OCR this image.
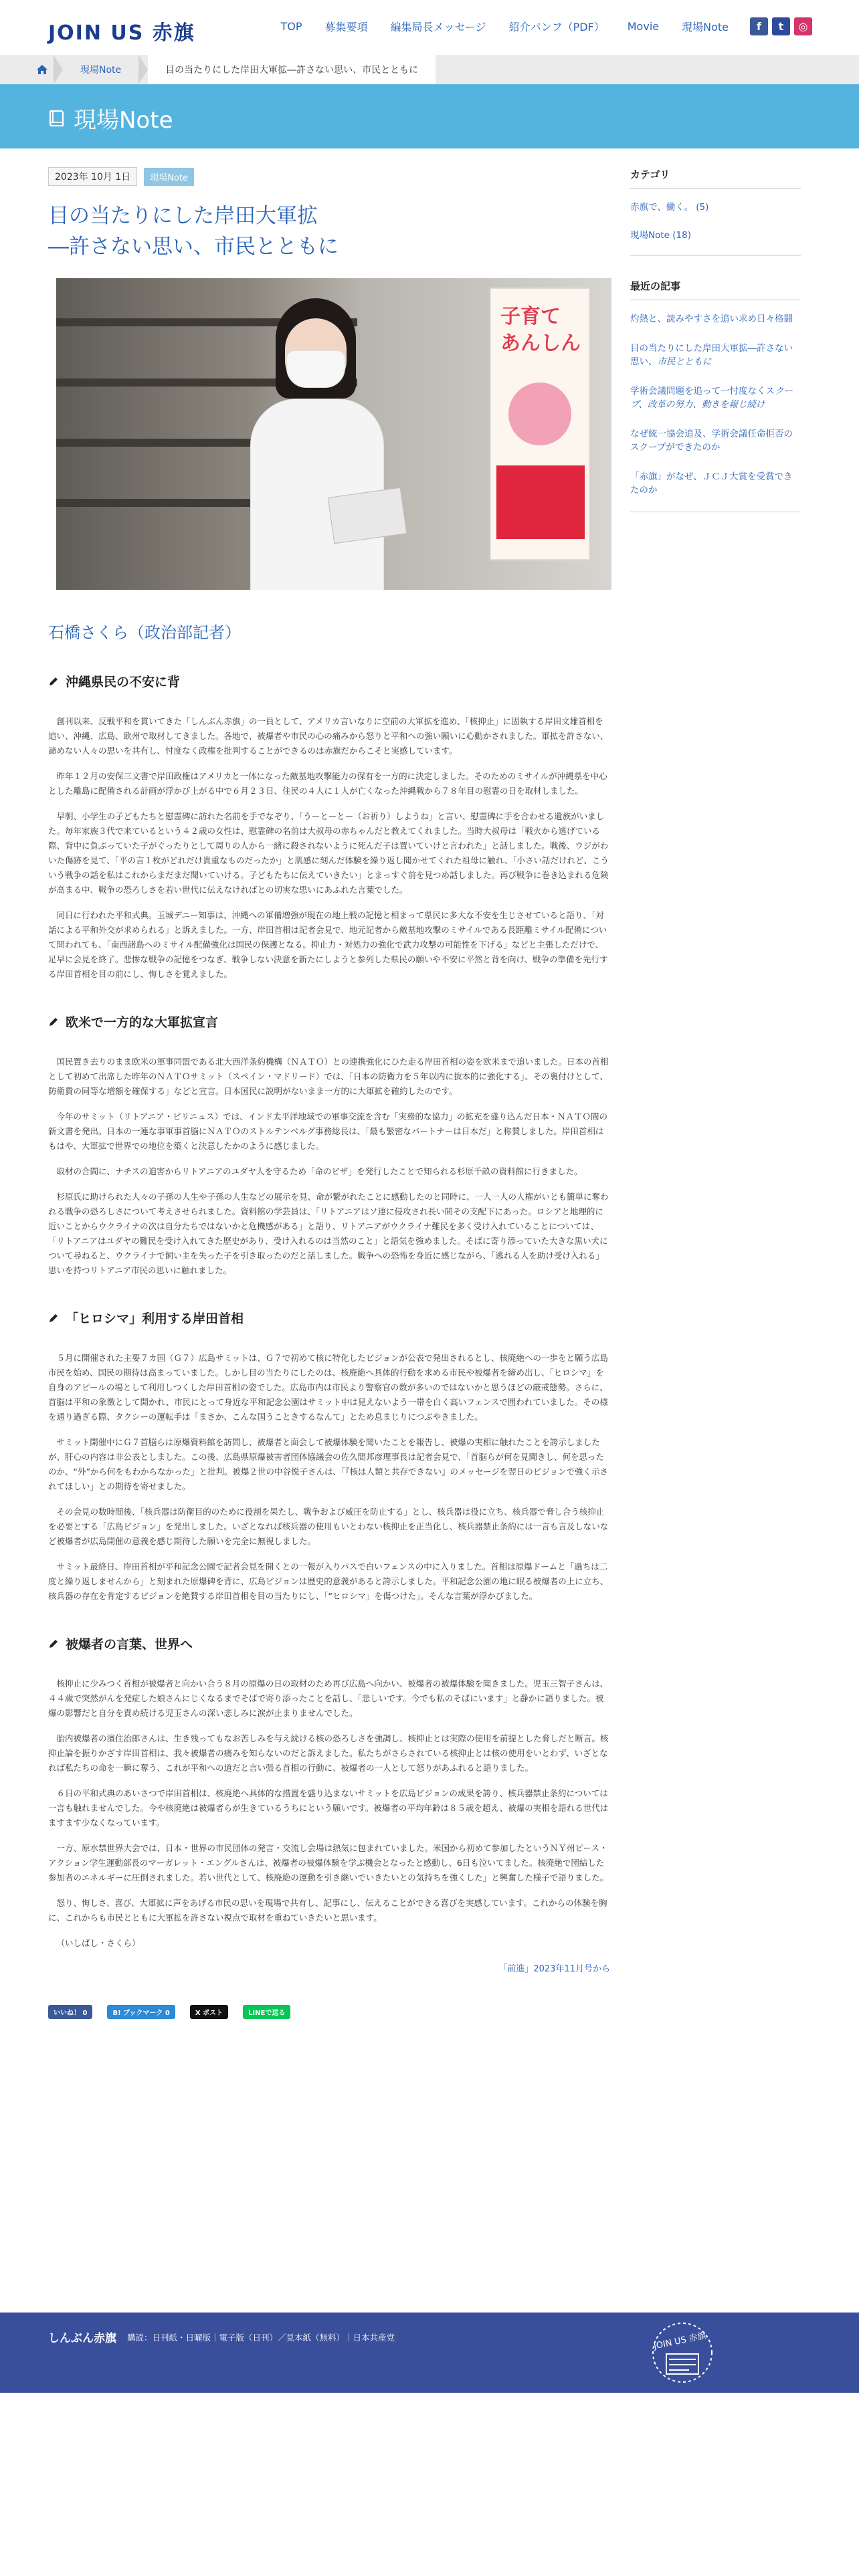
JOIN US 赤旗	TOP 募集要項 編集局長メッセージ 紹介パンフ（PDF） Movie 現場Note	f	t	◎
現場Note	目の当たりにした岸田大軍拡―許さない思い、市民とともに
現場Note
2023年 10月 1日	現場Note
目の当たりにした岸田大軍拡
―許さない思い、市民とともに
子育て
あんしん
石橋さくら（政治部記者）
沖縄県民の不安に背

創刊以来、反戦平和を貫いてきた「しんぶん赤旗」の一員として、アメリカ言いなりに空前の大軍拡を進め、「核抑止」に固執する岸田文雄首相を追い、沖縄、広島、欧州で取材してきました。各地で、被爆者や市民の心の痛みから怒りと平和への強い願いに心動かされました。軍拡を許さない、諦めない人々の思いを共有し、忖度なく政権を批判することができるのは赤旗だからこそと実感しています。

昨年１２月の安保三文書で岸田政権はアメリカと一体になった敵基地攻撃能力の保有を一方的に決定しました。そのためのミサイルが沖縄県を中心とした離島に配備される計画が浮かび上がる中で６月２３日、住民の４人に１人が亡くなった沖縄戦から７８年目の慰霊の日を取材しました。

早朝、小学生の子どもたちと慰霊碑に訪れた名前を手でなぞり、「うーとーとー（お祈り）しようね」と言い、慰霊碑に手を合わせる遺族がいました。毎年家族３代で来ているという４２歳の女性は、慰霊碑の名前は大叔母の赤ちゃんだと教えてくれました。当時大叔母は「戦火から逃げている際、背中に負ぶっていた子がぐったりとして周りの人から一緒に殺されないように死んだ子は置いていけと言われた」と話しました。戦後、ウジがわいた傷跡を見て、「平の言１枚がどれだけ貴重なものだったか」と肌感に刻んだ体験を繰り返し聞かせてくれた祖母に触れ、「小さい話だけれど、こういう戦争の話を私はこれからまだまだ聞いていける。子どもたちに伝えていきたい」とまっすぐ前を見つめ話しました。再び戦争に巻き込まれる危険が高まる中、戦争の恐ろしさを若い世代に伝えなければとの切実な思いにあふれた言葉でした。

同日に行われた平和式典。玉城デニー知事は、沖縄への軍備増強が現在の地上戦の記憶と相まって県民に多大な不安を生じさせていると語り、「対話による平和外交が求められる」と訴えました。一方、岸田首相は記者会見で、地元記者から敵基地攻撃のミサイルである長距離ミサイル配備について問われても、「南西諸島へのミサイル配備強化は国民の保護となる。抑止力・対処力の強化で武力攻撃の可能性を下げる」などと主張しただけで、足早に会見を終了。悲惨な戦争の記憶をつなぎ、戦争しない決意を新たにしようと参列した県民の願いや不安に平然と背を向け、戦争の準備を先行する岸田首相を目の前にし、悔しさを覚えました。

欧米で一方的な大軍拡宣言

国民置き去りのまま欧米の軍事同盟である北大西洋条約機構（ＮＡＴＯ）との連携強化にひた走る岸田首相の姿を欧米まで追いました。日本の首相として初めて出席した昨年のＮＡＴＯサミット（スペイン・マドリード）では、「日本の防衛力を５年以内に抜本的に強化する」、その裏付けとして、防衛費の同等な増額を確保する」などと宣言。日本国民に説明がないまま一方的に大軍拡を確約したのです。

今年のサミット（リトアニア・ビリニュス）では、インド太平洋地域での軍事交流を含む「実務的な協力」の拡充を盛り込んだ日本・ＮＡＴＯ間の新文書を発出。日本の一連な事軍事首脳にＮＡＴＯのストルテンベルグ事務総長は、「最も緊密なパートナーは日本だ」と称賛しました。岸田首相はもはや、大軍拡で世界での地位を築くと決意したかのように感じました。

取材の合間に、ナチスの迫害からリトアニアのユダヤ人を守るため「命のビザ」を発行したことで知られる杉原千畝の資料館に行きました。

杉原氏に助けられた人々の子孫の人生や子孫の人生などの展示を見、命が繋がれたことに感動したのと同時に、一人一人の人権がいとも簡単に奪われる戦争の恐ろしさについて考えさせられました。資料館の学芸員は、「リトアニアはソ連に侵攻され長い間その支配下にあった。ロシアと地理的に近いことからウクライナの次は自分たちではないかと危機感がある」と語り、リトアニアがウクライナ難民を多く受け入れていることについては、「リトアニアはユダヤの難民を受け入れてきた歴史があり、受け入れるのは当然のこと」と語気を強めました。そばに寄り添っていた大きな黒い犬について尋ねると、ウクライナで飼い主を失った子を引き取ったのだと話しました。戦争への恐怖を身近に感じながら、「逃れる人を助け受け入れる」思いを持つリトアニア市民の思いに触れました。

「ヒロシマ」利用する岸田首相

５月に開催された主要７カ国（Ｇ７）広島サミットは、Ｇ７で初めて核に特化したビジョンが公表で発出されるとし、核廃絶への一歩をと願う広島市民を始め、国民の期待は高まっていました。しかし目の当たりにしたのは、核廃絶へ具体的行動を求める市民や被爆者を締め出し、「ヒロシマ」を自身のアピールの場として利用しつくした岸田首相の姿でした。広島市内は市民より警察官の数が多いのではないかと思うほどの厳戒態勢。さらに、首脳は平和の象徴として開かれ、市民にとって身近な平和記念公園はサミット中は見えないよう一帯を白く高いフェンスで囲われていました。その様を通り過ぎる際、タクシーの運転手は「まさか、こんな国うこときするなんて」とため息まじりにつぶやきました。

サミット開催中にＧ７首脳らは原爆資料館を訪問し、被爆者と面会して被爆体験を聞いたことを報告し、被爆の実相に触れたことを誇示しましたが、肝心の内容は非公表としました。この後、広島県原爆被害者団体協議会の佐久間邦彦理事長は記者会見で、「首脳らが何を見聞きし、何を思ったのか、“外”から何をもわからなかった」と批判。被爆２世の中谷悦子さんは、「『核は人類と共存できない』のメッセージを翌日のビジョンで強く示されてほしい」との期待を寄せました。

その会見の数時間後、「核兵器は防衛目的のために役割を果たし、戦争および威圧を防止する」とし、核兵器は役に立ち、核兵器で脅し合う核抑止を必要とする「広島ビジョン」を発出しました。いざとなれば核兵器の使用もいとわない核抑止を正当化し、核兵器禁止条約には一言も言及しないなど被爆者が広島開催の意義を感じ期待した願いを完全に無視しました。

サミット最終日、岸田首相が平和記念公園で記者会見を開くとの一報が入りパスで白いフェンスの中に入りました。首相は原爆ドームと「過ちは二度と繰り返しませんから」と刻まれた原爆碑を背に、広島ビジョンは歴史的意義があると誇示しました。平和記念公園の地に眠る被爆者の上に立ち、核兵器の存在を肯定するビジョンを絶賛する岸田首相を目の当たりにし、「“ヒロシマ」を傷つけた」。そんな言葉が浮かびました。

被爆者の言葉、世界へ

核抑止に少みつく首相が被爆者と向かい合う８月の原爆の日の取材のため再び広島へ向かい、被爆者の被爆体験を聞きました。児玉三智子さんは、４４歳で突然がんを発症した娘さんにじくなるまでそばで寄り添ったことを話し、「悲しいです。今でも私のそばにいます」と静かに語りました。被爆の影響だと自分を責め続ける児玉さんの深い悲しみに涙が止まりませんでした。

胎内被爆者の濱住治郎さんは、生き残ってもなお苦しみを与え続ける核の恐ろしさを強調し、核抑止とは実際の使用を前提とした脅しだと断言。核抑止論を振りかざす岸田首相は、我々被爆者の痛みを知らないのだと訴えました。私たちがさらされている核抑止とは核の使用をいとわず、いざとなれば私たちの命を一瞬に奪う、これが平和への道だと言い張る首相の行動に、被爆者の一人として怒りがあふれると語りました。

６日の平和式典のあいさつで岸田首相は、核廃絶へ具体的な措置を盛り込まないサミットを広島ビジョンの成果を誇り、核兵器禁止条約については一言も触れませんでした。今や核廃絶は被爆者らが生きているうちにという願いです。被爆者の平均年齢は８５歳を超え、被爆の実相を語れる世代はますます少なくなっています。

一方、原水禁世界大会では、日本・世界の市民団体の発言・交流し会場は熱気に包まれていました。米国から初めて参加したというＮＹ州ピース・アクション学生運動部長のマーガレット・エングルさんは、被爆者の被爆体験を学ぶ機会となったと感動し、6日も泣いてました。核廃絶で団結した参加者のエネルギーに圧倒されました。若い世代として、核廃絶の運動を引き継いでいきたいとの気持ちを強くした」と興奮した様子で語りました。

怒り、悔しさ、喜び、大軍拡に声をあげる市民の思いを現場で共有し、記事にし、伝えることができる喜びを実感しています。これからの体験を胸に、これからも市民とともに大軍拡を許さない視点で取材を重ねていきたいと思います。

（いしばし・さくら）

「前進」2023年11月号から
いいね！ 0	B! ブックマーク 0	X ポスト	LINEで送る
カテゴリ
赤旗で、働く。 (5)
現場Note (18)
最近の記事
灼熱と、読みやすさを追い求め日々格闘
目の当たりにした岸田大軍拡―許さない思い、市民とともに
学術会議問題を追って一忖度なくスクープ、改革の努力、動きを報じ続け
なぜ統一協会追及、学術会議任命拒否のスクープができたのか
「赤旗」がなぜ、ＪＣＪ大賞を受賞できたのか
しんぶん赤旗 購読：日刊紙・日曜版｜電子版（日刊）／見本紙（無料）｜日本共産党	JOIN US 赤旗
